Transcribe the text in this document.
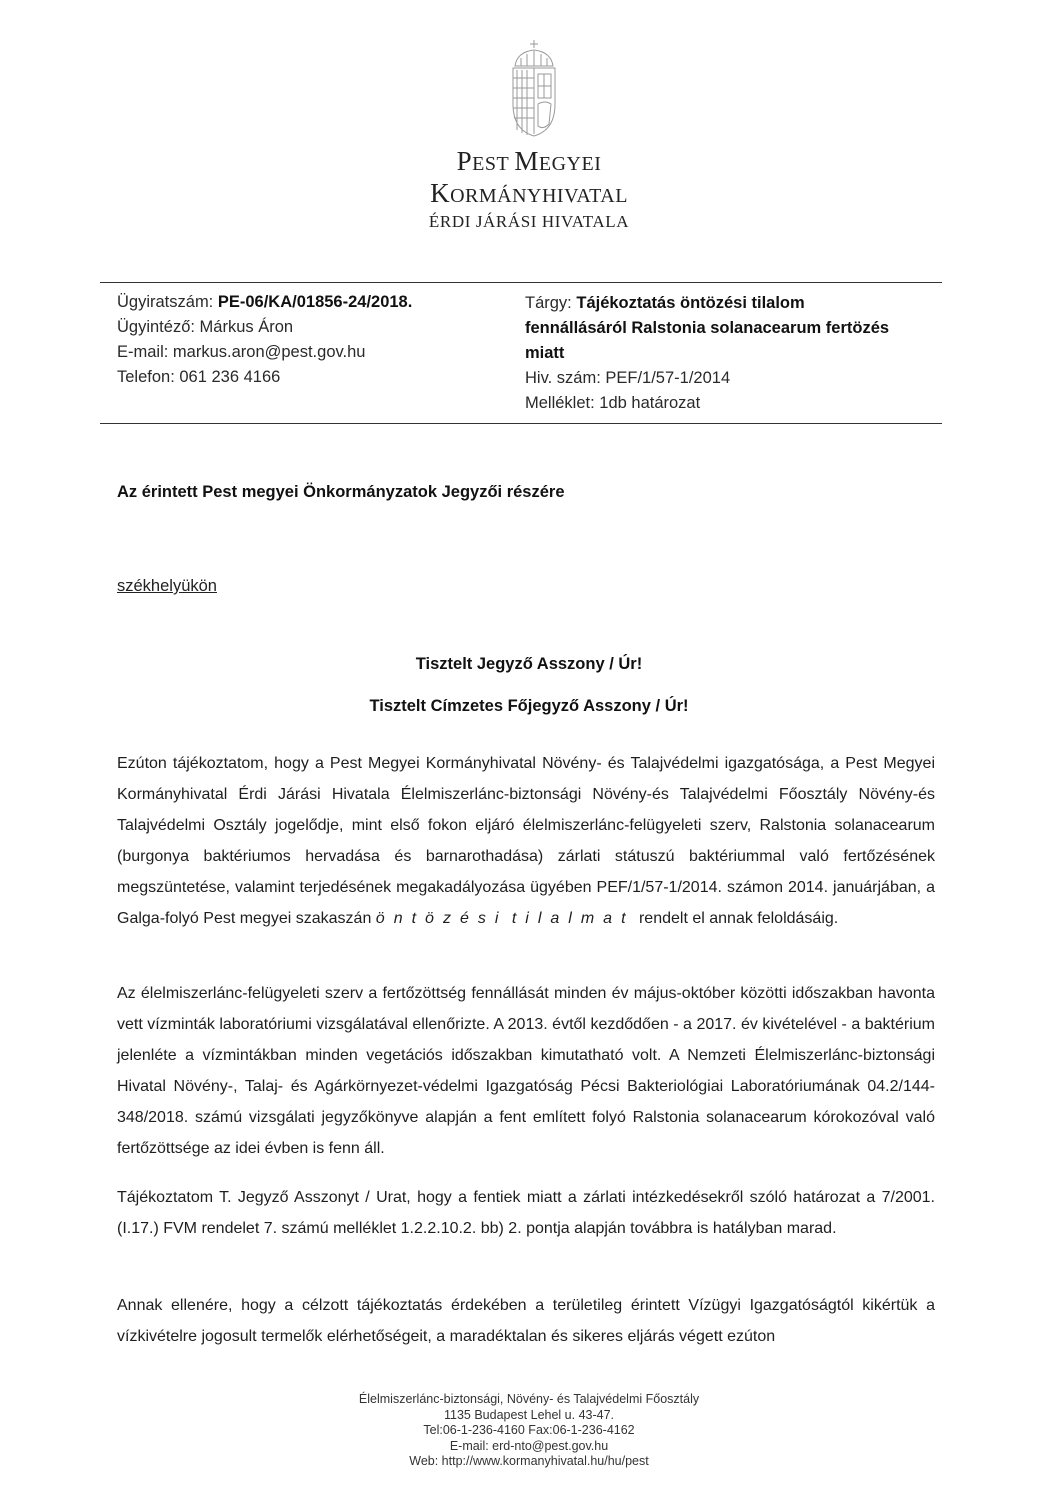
PEST MEGYEI
KORMÁNYHIVATAL
ÉRDI JÁRÁSI HIVATALA
Ügyiratszám: PE-06/KA/01856-24/2018.
Ügyintéző: Márkus Áron
E-mail: markus.aron@pest.gov.hu
Telefon: 061 236 4166
Tárgy: Tájékoztatás öntözési tilalom
fennállásáról Ralstonia solanacearum fertözés
miatt
Hiv. szám: PEF/1/57-1/2014
Melléklet: 1db határozat
Az érintett Pest megyei Önkormányzatok Jegyzői részére
székhelyükön
Tisztelt Jegyző Asszony / Úr!
Tisztelt Címzetes Főjegyző Asszony / Úr!
Ezúton tájékoztatom, hogy a Pest Megyei Kormányhivatal Növény- és Talajvédelmi igazgatósága, a Pest Megyei Kormányhivatal Érdi Járási Hivatala Élelmiszerlánc-biztonsági Növény-és Talajvédelmi Főosztály Növény-és Talajvédelmi Osztály jogelődje, mint első fokon eljáró élelmiszerlánc-felügyeleti szerv, Ralstonia solanacearum (burgonya baktériumos hervadása és barnarothadása) zárlati státuszú baktériummal való fertőzésének megszüntetése, valamint terjedésének megakadályozása ügyében PEF/1/57-1/2014. számon 2014. januárjában, a Galga-folyó Pest megyei szakaszán öntözési tilalmat rendelt el annak feloldásáig.
Az élelmiszerlánc-felügyeleti szerv a fertőzöttség fennállását minden év május-október közötti időszakban havonta vett vízminták laboratóriumi vizsgálatával ellenőrizte. A 2013. évtől kezdődően - a 2017. év kivételével - a baktérium jelenléte a vízmintákban minden vegetációs időszakban kimutatható volt. A Nemzeti Élelmiszerlánc-biztonsági Hivatal Növény-, Talaj- és Agárkörnyezet-védelmi Igazgatóság Pécsi Bakteriológiai Laboratóriumának 04.2/144-348/2018. számú vizsgálati jegyzőkönyve alapján a fent említett folyó Ralstonia solanacearum kórokozóval való fertőzöttsége az idei évben is fenn áll.
Tájékoztatom T. Jegyző Asszonyt / Urat, hogy a fentiek miatt a zárlati intézkedésekről szóló határozat a 7/2001. (I.17.) FVM rendelet 7. számú melléklet 1.2.2.10.2. bb) 2. pontja alapján továbbra is hatályban marad.
Annak ellenére, hogy a célzott tájékoztatás érdekében a területileg érintett Vízügyi Igazgatóságtól kikértük a vízkivételre jogosult termelők elérhetőségeit, a maradéktalan és sikeres eljárás végett ezúton
Élelmiszerlánc-biztonsági, Növény- és Talajvédelmi Főosztály
1135 Budapest Lehel u. 43-47.
Tel:06-1-236-4160 Fax:06-1-236-4162
E-mail: erd-nto@pest.gov.hu
Web: http://www.kormanyhivatal.hu/hu/pest
